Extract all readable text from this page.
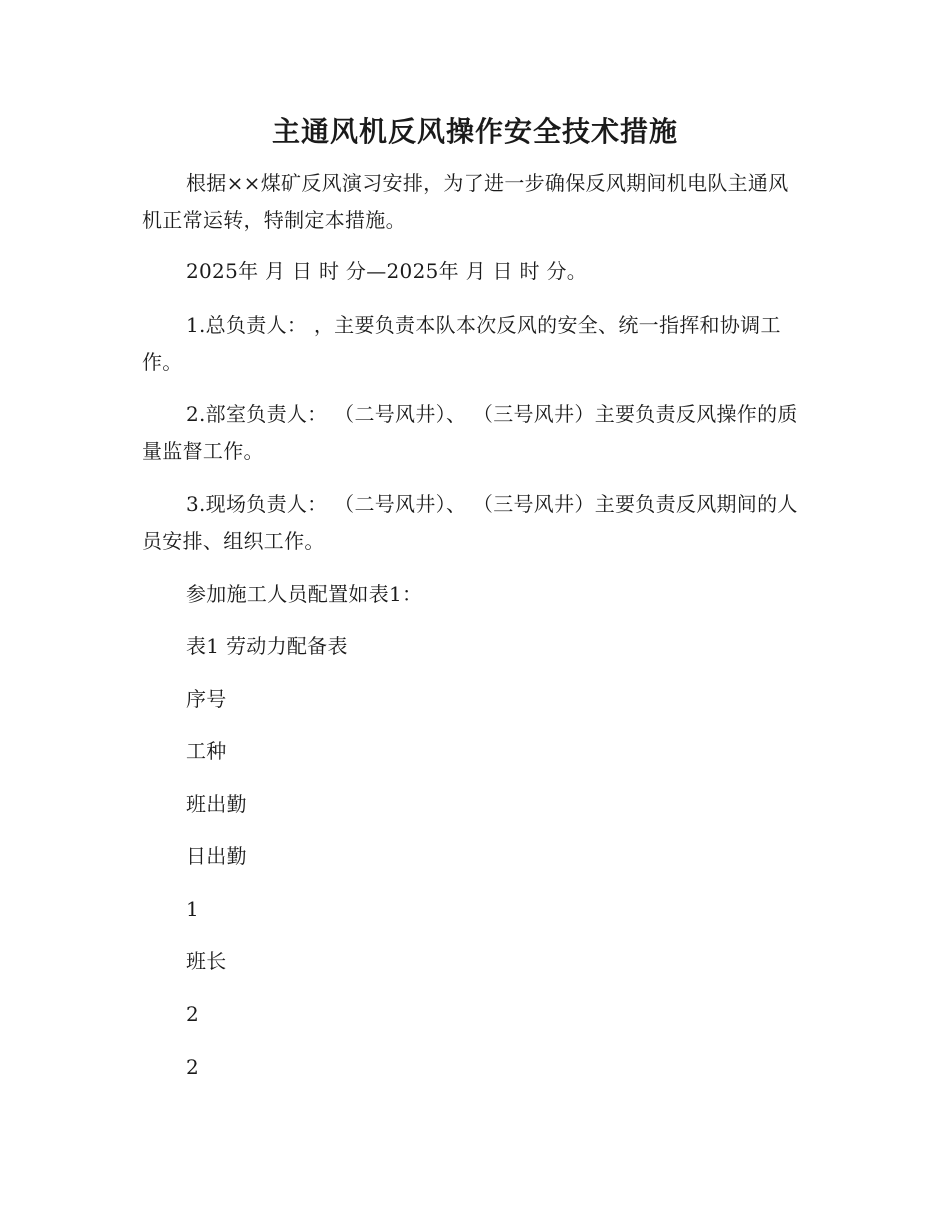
主通风机反风操作安全技术措施

根据××煤矿反风演习安排，为了进一步确保反风期间机电队主通风机正常运转，特制定本措施。

2025年 月 日 时 分—2025年 月 日 时 分。

1.总负责人： ，主要负责本队本次反风的安全、统一指挥和协调工作。

2.部室负责人： （二号风井）、 （三号风井）主要负责反风操作的质量监督工作。

3.现场负责人： （二号风井）、 （三号风井）主要负责反风期间的人员安排、组织工作。

参加施工人员配置如表1：

表1 劳动力配备表

序号

工种

班出勤

日出勤

1

班长

2

2
